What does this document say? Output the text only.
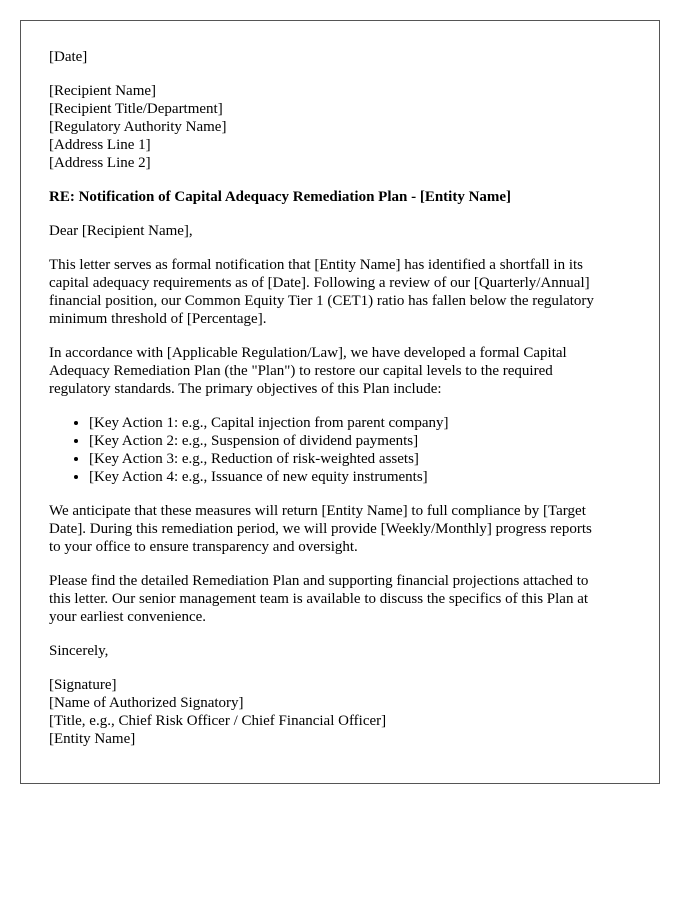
[Date]
[Recipient Name]
[Recipient Title/Department]
[Regulatory Authority Name]
[Address Line 1]
[Address Line 2]
RE: Notification of Capital Adequacy Remediation Plan - [Entity Name]
Dear [Recipient Name],

This letter serves as formal notification that [Entity Name] has identified a shortfall in its
capital adequacy requirements as of [Date]. Following a review of our [Quarterly/Annual]
financial position, our Common Equity Tier 1 (CET1) ratio has fallen below the regulatory
minimum threshold of [Percentage].

In accordance with [Applicable Regulation/Law], we have developed a formal Capital
Adequacy Remediation Plan (the "Plan") to restore our capital levels to the required
regulatory standards. The primary objectives of this Plan include:

• [Key Action 1: e.g., Capital injection from parent company]
• [Key Action 2: e.g., Suspension of dividend payments]
• [Key Action 3: e.g., Reduction of risk-weighted assets]
• [Key Action 4: e.g., Issuance of new equity instruments]

We anticipate that these measures will return [Entity Name] to full compliance by [Target
Date]. During this remediation period, we will provide [Weekly/Monthly] progress reports
to your office to ensure transparency and oversight.

Please find the detailed Remediation Plan and supporting financial projections attached to
this letter. Our senior management team is available to discuss the specifics of this Plan at
your earliest convenience.

Sincerely,
[Signature]
[Name of Authorized Signatory]
[Title, e.g., Chief Risk Officer / Chief Financial Officer]
[Entity Name]
